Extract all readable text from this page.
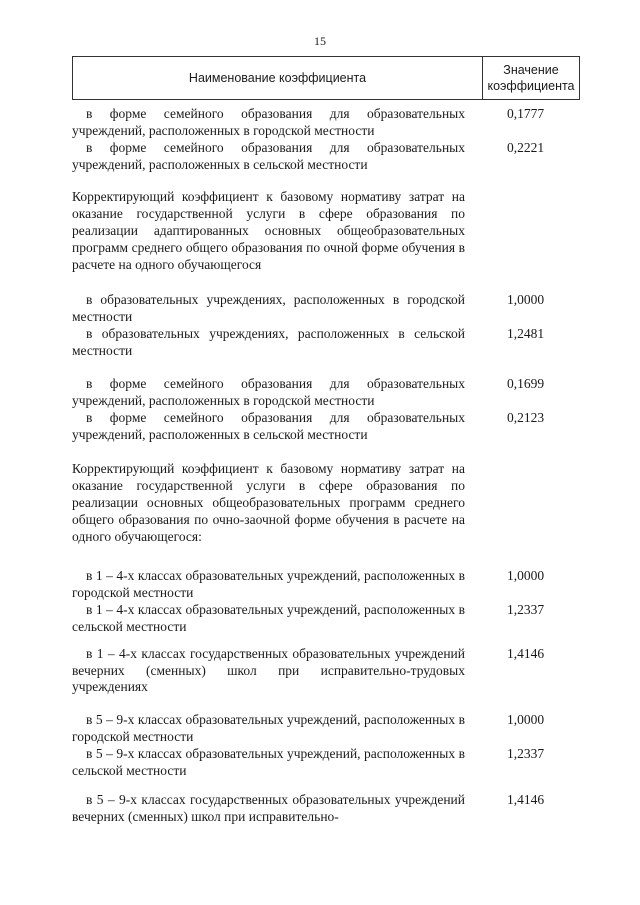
15
Наименование коэффициента
Значение
коэффициента
в форме семейного образования для образовательных учреждений, расположенных в городской местности
0,1777
в форме семейного образования для образовательных учреждений, расположенных в сельской местности
0,2221
Корректирующий коэффициент к базовому нормативу затрат на оказание государственной услуги в сфере образования по реализации адаптированных основных общеобразовательных программ среднего общего образования по очной форме обучения в расчете на одного обучающегося
в образовательных учреждениях, расположенных в городской местности
1,0000
в образовательных учреждениях, расположенных в сельской местности
1,2481
в форме семейного образования для образовательных учреждений, расположенных в городской местности
0,1699
в форме семейного образования для образовательных учреждений, расположенных в сельской местности
0,2123
Корректирующий коэффициент к базовому нормативу затрат на оказание государственной услуги в сфере образования по реализации основных общеобразовательных программ среднего общего образования по очно-заочной форме обучения в расчете на одного обучающегося:
в 1 – 4-х классах образовательных учреждений, расположенных в городской местности
1,0000
в 1 – 4-х классах образовательных учреждений, расположенных в сельской местности
1,2337
в 1 – 4-х классах государственных образовательных учреждений вечерних (сменных) школ при исправительно-трудовых учреждениях
1,4146
в 5 – 9-х классах образовательных учреждений, расположенных в городской местности
1,0000
в 5 – 9-х классах образовательных учреждений, расположенных в сельской местности
1,2337
в 5 – 9-х классах государственных образовательных учреждений вечерних (сменных) школ при исправительно-
1,4146
